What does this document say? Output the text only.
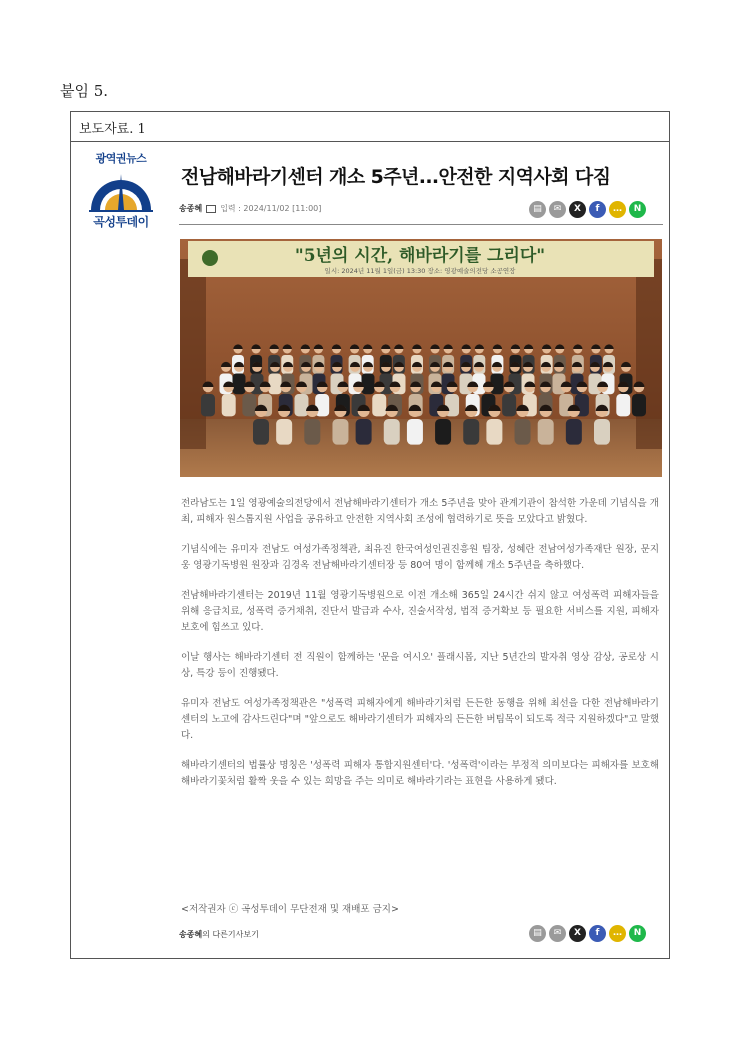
붙임 5.
보도자료. 1
광역권뉴스
곡성투데이
전남해바라기센터 개소 5주년...안전한 지역사회 다짐
송종혜 입력 : 2024/11/02 [11:00]	▤	✉	X	f	…	N
"5년의 시간, 해바라기를 그리다"
일시: 2024년 11월 1일(금) 13:30 장소: 영광예술의전당 소공연장

전라남도는 1일 영광예술의전당에서 전남해바라기센터가 개소 5주년을 맞아 관계기관이 참석한 가운데 기념식을 개최, 피해자 원스톱지원 사업을 공유하고 안전한 지역사회 조성에 협력하기로 뜻을 모았다고 밝혔다.

기념식에는 유미자 전남도 여성가족정책관, 최유진 한국여성인권진흥원 팀장, 성혜란 전남여성가족재단 원장, 문지웅 영광기독병원 원장과 김경옥 전남해바라기센터장 등 80여 명이 함께해 개소 5주년을 축하했다.

전남해바라기센터는 2019년 11월 영광기독병원으로 이전 개소해 365일 24시간 쉬지 않고 여성폭력 피해자들을 위해 응급치료, 성폭력 증거채취, 진단서 발급과 수사, 진술서작성, 법적 증거확보 등 필요한 서비스를 지원, 피해자 보호에 힘쓰고 있다.

이날 행사는 해바라기센터 전 직원이 함께하는 '문을 여시오' 플래시몹, 지난 5년간의 발자취 영상 감상, 공로상 시상, 특강 등이 진행됐다.

유미자 전남도 여성가족정책관은 "성폭력 피해자에게 해바라기처럼 든든한 동행을 위해 최선을 다한 전남해바라기센터의 노고에 감사드린다"며 "앞으로도 해바라기센터가 피해자의 든든한 버팀목이 되도록 적극 지원하겠다"고 말했다.

해바라기센터의 법률상 명칭은 '성폭력 피해자 통합지원센터'다. '성폭력'이라는 부정적 의미보다는 피해자를 보호해 해바라기꽃처럼 활짝 웃을 수 있는 희망을 주는 의미로 해바라기라는 표현을 사용하게 됐다.

<저작권자 ⓒ 곡성투데이 무단전재 및 재배포 금지>
송종혜의 다른기사보기	▤	✉	X	f	…	N
